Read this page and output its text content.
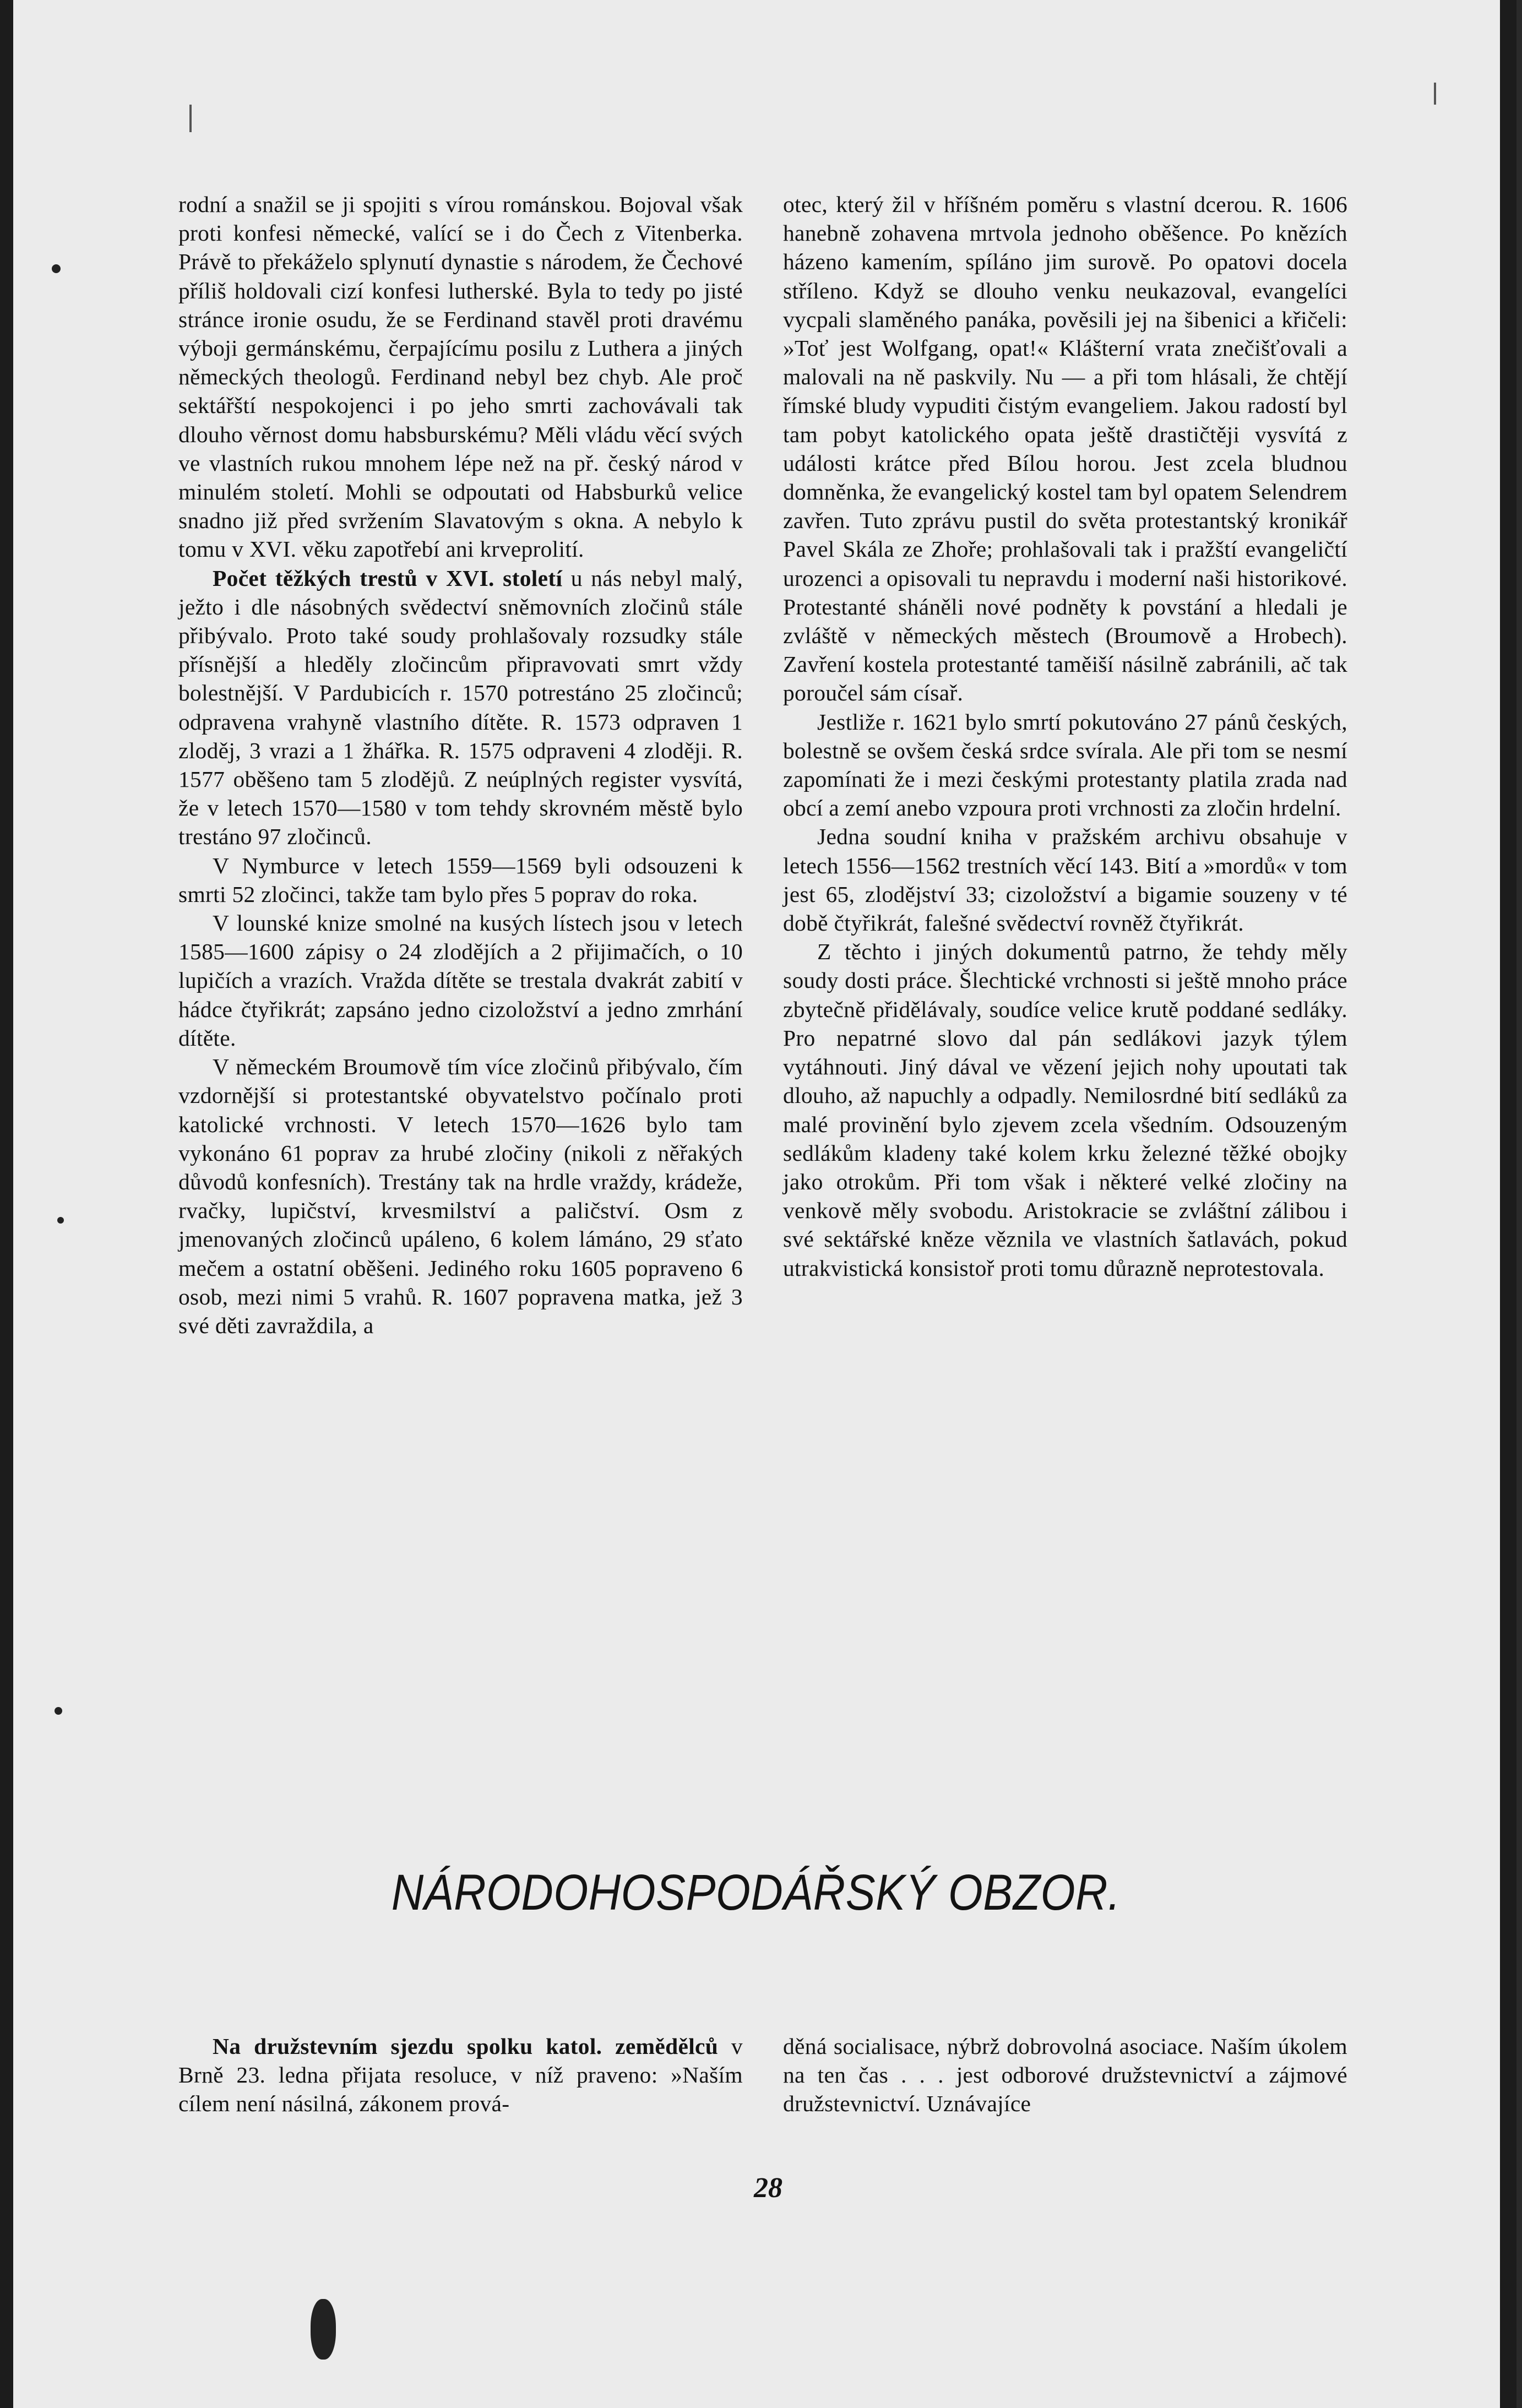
rodní a snažil se ji spojiti s vírou románskou. Bojoval však proti konfesi německé, valící se i do Čech z Vitenberka. Právě to překáželo splynutí dynastie s národem, že Čechové příliš holdovali cizí konfesi lutherské. Byla to tedy po jisté stránce ironie osudu, že se Ferdinand stavěl proti dravému výboji germánskému, čerpajícímu posilu z Luthera a jiných německých theologů. Ferdinand nebyl bez chyb. Ale proč sektářští nespokojenci i po jeho smrti zachovávali tak dlouho věrnost domu habsburskému? Měli vládu věcí svých ve vlastních rukou mnohem lépe než na př. český národ v minulém století. Mohli se odpoutati od Habsburků velice snadno již před svržením Slavatovým s okna. A nebylo k tomu v XVI. věku zapotřebí ani krveprolití.

Počet těžkých trestů v XVI. století u nás nebyl malý, ježto i dle násobných svědectví sněmovních zločinů stále přibývalo. Proto také soudy prohlašovaly rozsudky stále přísnější a hleděly zločincům připravovati smrt vždy bolestnější. V Pardubicích r. 1570 potrestáno 25 zločinců; odpravena vrahyně vlastního dítěte. R. 1573 odpraven 1 zloděj, 3 vrazi a 1 žhářka. R. 1575 odpraveni 4 zloději. R. 1577 oběšeno tam 5 zlodějů. Z neúplných register vysvítá, že v letech 1570—1580 v tom tehdy skrovném městě bylo trestáno 97 zločinců.

V Nymburce v letech 1559—1569 byli odsouzeni k smrti 52 zločinci, takže tam bylo přes 5 poprav do roka.

V lounské knize smolné na kusých lístech jsou v letech 1585—1600 zápisy o 24 zlodějích a 2 přijimačích, o 10 lupičích a vrazích. Vražda dítěte se trestala dvakrát zabití v hádce čtyřikrát; zapsáno jedno cizoložství a jedno zmrhání dítěte.

V německém Broumově tím více zločinů přibývalo, čím vzdornější si protestantské obyvatelstvo počínalo proti katolické vrchnosti. V letech 1570—1626 bylo tam vykonáno 61 poprav za hrubé zločiny (nikoli z něřakých důvodů konfesních). Trestány tak na hrdle vraždy, krádeže, rvačky, lupičství, krvesmilství a paličství. Osm z jmenovaných zločinců upáleno, 6 kolem lámáno, 29 sťato mečem a ostatní oběšeni. Jediného roku 1605 popraveno 6 osob, mezi nimi 5 vrahů. R. 1607 popravena matka, jež 3 své děti zavraždila, a

otec, který žil v hříšném poměru s vlastní dcerou. R. 1606 hanebně zohavena mrtvola jednoho oběšence. Po knězích házeno kamením, spíláno jim surově. Po opatovi docela stříleno. Když se dlouho venku neukazoval, evangelíci vycpali slaměného panáka, pověsili jej na šibenici a křičeli: »Toť jest Wolfgang, opat!« Klášterní vrata znečišťovali a malovali na ně paskvily. Nu — a při tom hlásali, že chtějí římské bludy vypuditi čistým evangeliem. Jakou radostí byl tam pobyt katolického opata ještě drastičtěji vysvítá z události krátce před Bílou horou. Jest zcela bludnou domněnka, že evangelický kostel tam byl opatem Selendrem zavřen. Tuto zprávu pustil do světa protestantský kronikář Pavel Skála ze Zhoře; prohlašovali tak i pražští evangeličtí urozenci a opisovali tu nepravdu i moderní naši historikové. Protestanté sháněli nové podněty k povstání a hledali je zvláště v německých městech (Broumově a Hrobech). Zavření kostela protestanté taměiší násilně zabránili, ač tak poroučel sám císař.

Jestliže r. 1621 bylo smrtí pokutováno 27 pánů českých, bolestně se ovšem česká srdce svírala. Ale při tom se nesmí zapomínati že i mezi českými protestanty platila zrada nad obcí a zemí anebo vzpoura proti vrchnosti za zločin hrdelní.

Jedna soudní kniha v pražském archivu obsahuje v letech 1556—1562 trestních věcí 143. Bití a »mordů« v tom jest 65, zlodějství 33; cizoložství a bigamie souzeny v té době čtyřikrát, falešné svědectví rovněž čtyřikrát.

Z těchto i jiných dokumentů patrno, že tehdy měly soudy dosti práce. Šlechtické vrchnosti si ještě mnoho práce zbytečně přidělávaly, soudíce velice krutě poddané sedláky. Pro nepatrné slovo dal pán sedlákovi jazyk týlem vytáhnouti. Jiný dával ve vězení jejich nohy upoutati tak dlouho, až napuchly a odpadly. Nemilosrdné bití sedláků za malé provinění bylo zjevem zcela všedním. Odsouzeným sedlákům kladeny také kolem krku železné těžké obojky jako otrokům. Při tom však i některé velké zločiny na venkově měly svobodu. Aristokracie se zvláštní zálibou i své sektářské kněze věznila ve vlastních šatlavách, pokud utrakvistická konsistoř proti tomu důrazně neprotestovala.

NÁRODOHOSPODÁŘSKÝ OBZOR.

Na družstevním sjezdu spolku katol. zemědělců v Brně 23. ledna přijata resoluce, v níž praveno: »Naším cílem není násilná, zákonem prová-

děná socialisace, nýbrž dobrovolná asociace. Naším úkolem na ten čas . . . jest odborové družstevnictví a zájmové družstevnictví. Uznávajíce

28
